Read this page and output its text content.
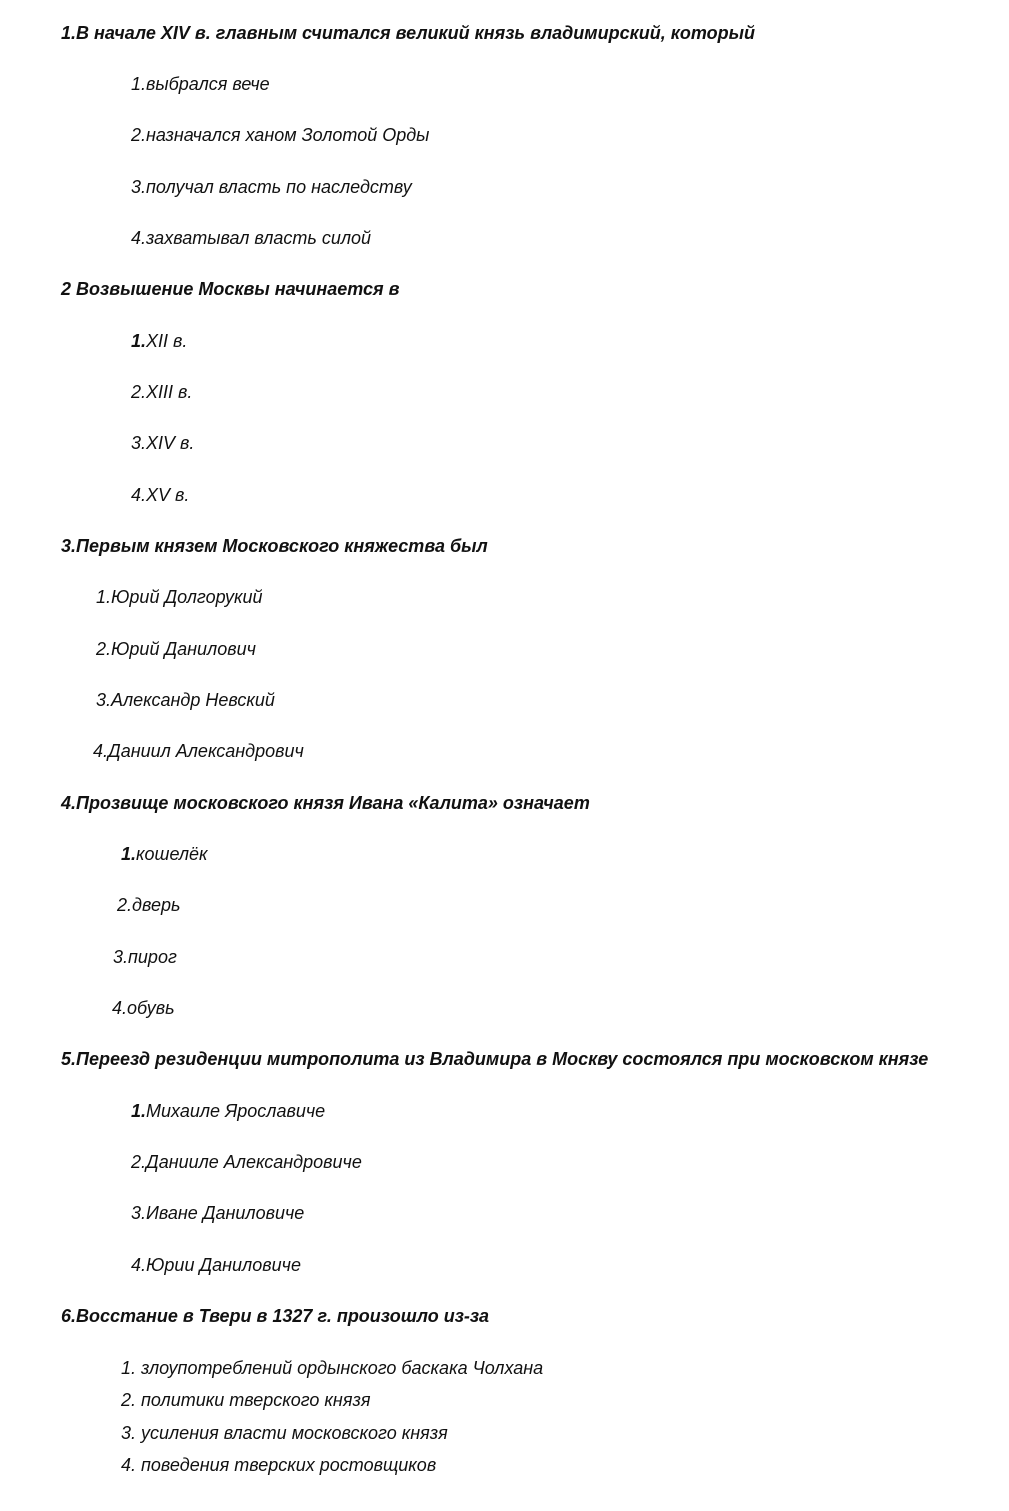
1.В начале XIV в. главным считался великий князь владимирский, который
1.выбрался вече
2.назначался ханом Золотой Орды
3.получал власть по наследству
4.захватывал власть силой
2 Возвышение Москвы начинается в
1.XII в.
2.XIII в.
3.XIV в.
4.XV в.
3.Первым князем Московского княжества был
1.Юрий Долгорукий
2.Юрий Данилович
3.Александр Невский
4.Даниил Александрович
4.Прозвище московского князя Ивана «Калита» означает
1.кошелёк
2.дверь
3.пирог
4.обувь
5.Переезд резиденции митрополита из Владимира в Москву состоялся при московском князе
1.Михаиле Ярославиче
2.Данииле Александровиче
3.Иване Даниловиче
4.Юрии Даниловиче
6.Восстание в Твери в 1327 г. произошло из-за
1. злоупотреблений ордынского баскака Чолхана
2. политики тверского князя
3. усиления власти московского князя
4. поведения тверских ростовщиков
